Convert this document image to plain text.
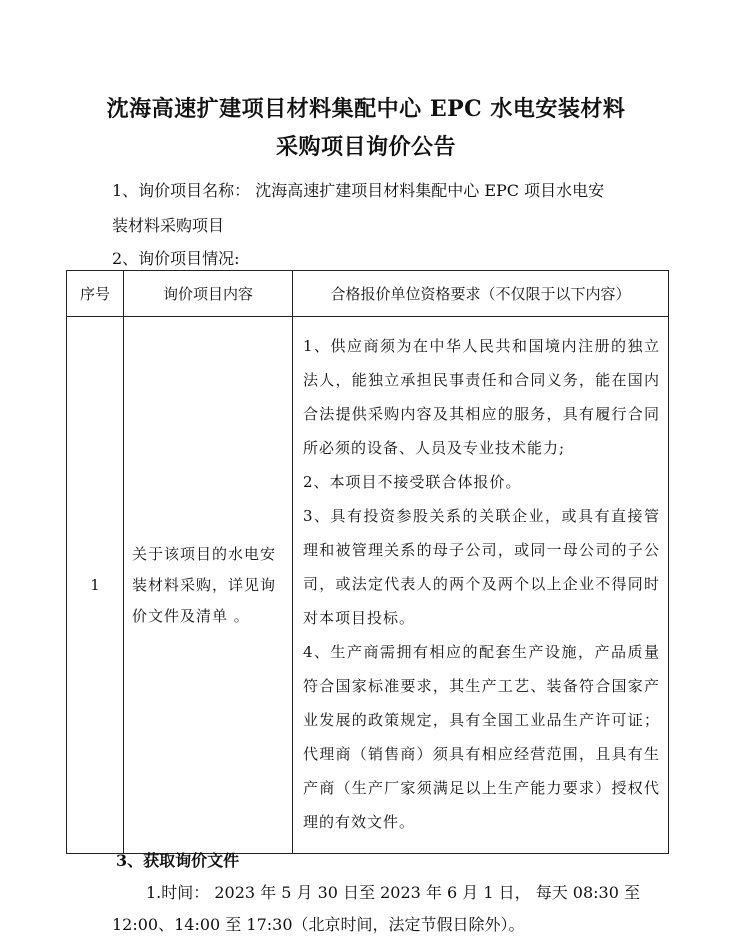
沈海高速扩建项目材料集配中心 EPC 水电安装材料
采购项目询价公告
1、询价项目名称： 沈海高速扩建项目材料集配中心 EPC 项目水电安
装材料采购项目
2、询价项目情况:
序号	询价项目内容	合格报价单位资格要求（不仅限于以下内容）
1	关于该项目的水电安装材料采购，详见询价文件及清单 。	1、供应商须为在中华人民共和国境内注册的独立法人，能独立承担民事责任和合同义务，能在国内合法提供采购内容及其相应的服务，具有履行合同所必须的设备、人员及专业技术能力;
2、本项目不接受联合体报价。
3、具有投资参股关系的关联企业，或具有直接管理和被管理关系的母子公司，或同一母公司的子公司，或法定代表人的两个及两个以上企业不得同时对本项目投标。
4、生产商需拥有相应的配套生产设施，产品质量符合国家标准要求，其生产工艺、装备符合国家产业发展的政策规定，具有全国工业品生产许可证；代理商（销售商）须具有相应经营范围，且具有生产商（生产厂家须满足以上生产能力要求）授权代理的有效文件。
3、获取询价文件
1.时间： 2023 年 5 月 30 日至 2023 年 6 月 1 日， 每天 08:30 至
12:00、14:00 至 17:30（北京时间，法定节假日除外）。
